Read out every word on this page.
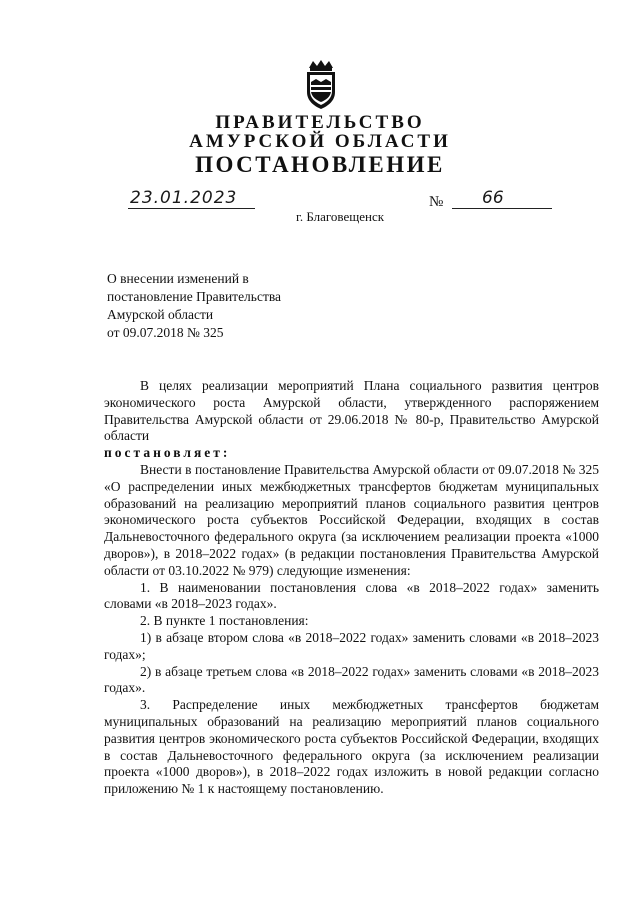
ПРАВИТЕЛЬСТВО
АМУРСКОЙ ОБЛАСТИ
ПОСТАНОВЛЕНИЕ
23.01.2023	№	66
г. Благовещенск
О внесении изменений в
постановление Правительства
Амурской области
от 09.07.2018 № 325

В целях реализации мероприятий Плана социального развития центров экономического роста Амурской области, утвержденного распоряжением Правительства Амурской области от 29.06.2018 № 80-р, Правительство Амурской области

постановляет:

Внести в постановление Правительства Амурской области от 09.07.2018 № 325 «О распределении иных межбюджетных трансфертов бюджетам муниципальных образований на реализацию мероприятий планов социального развития центров экономического роста субъектов Российской Федерации, входящих в состав Дальневосточного федерального округа (за исключением реализации проекта «1000 дворов»), в 2018–2022 годах» (в редакции постановления Правительства Амурской области от 03.10.2022 № 979) следующие изменения:

1. В наименовании постановления слова «в 2018–2022 годах» заменить словами «в 2018–2023 годах».

2. В пункте 1 постановления:

1) в абзаце втором слова «в 2018–2022 годах» заменить словами «в 2018–2023 годах»;

2) в абзаце третьем слова «в 2018–2022 годах» заменить словами «в 2018–2023 годах».

3. Распределение иных межбюджетных трансфертов бюджетам муниципальных образований на реализацию мероприятий планов социального развития центров экономического роста субъектов Российской Федерации, входящих в состав Дальневосточного федерального округа (за исключением реализации проекта «1000 дворов»), в 2018–2022 годах изложить в новой редакции согласно приложению № 1 к настоящему постановлению.
